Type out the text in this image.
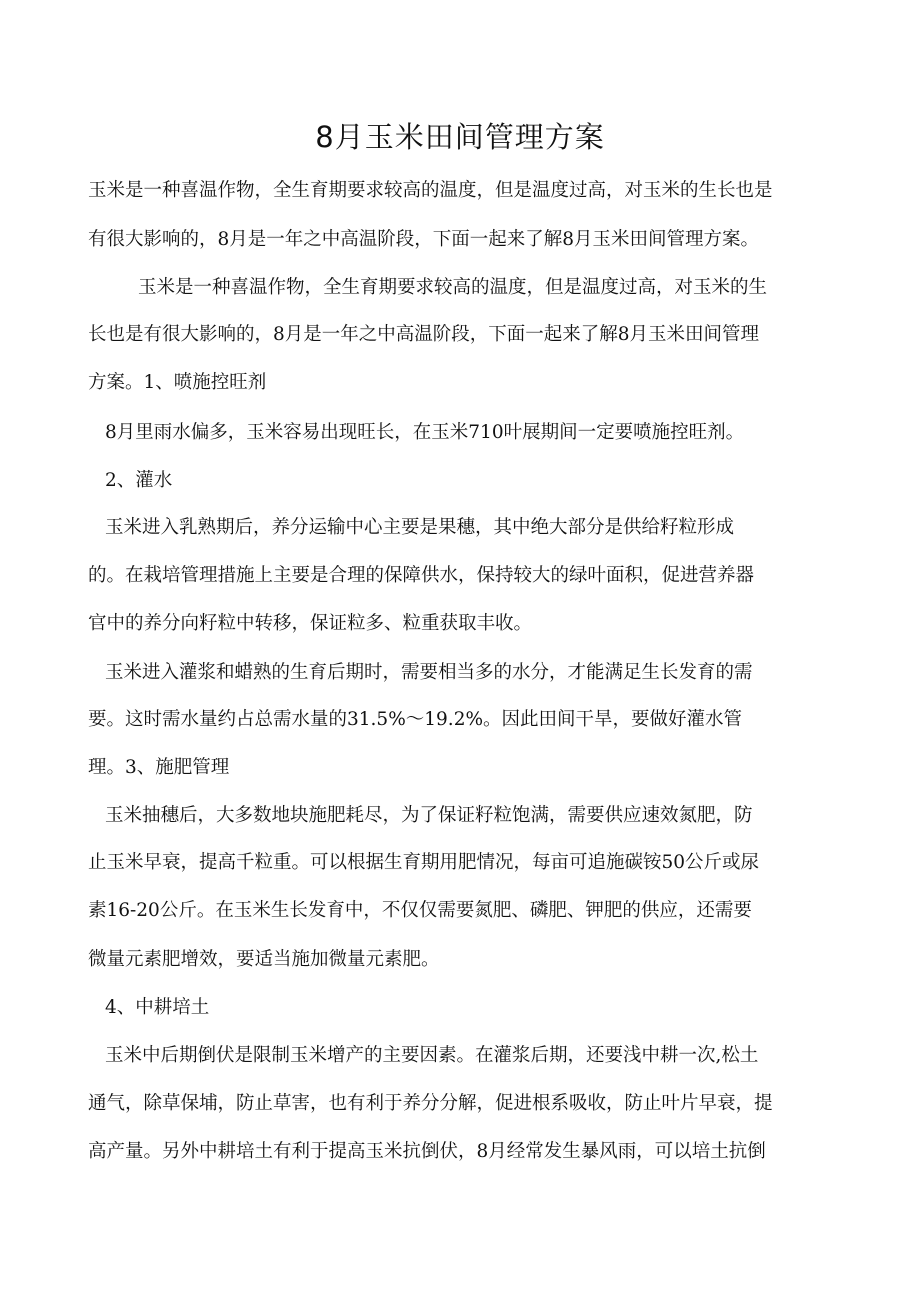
8月玉米田间管理方案

玉米是一种喜温作物，全生育期要求较高的温度，但是温度过高，对玉米的生长也是

有很大影响的，8月是一年之中高温阶段，下面一起来了解8月玉米田间管理方案。

玉米是一种喜温作物，全生育期要求较高的温度，但是温度过高，对玉米的生

长也是有很大影响的，8月是一年之中高温阶段，下面一起来了解8月玉米田间管理

方案。1、喷施控旺剂

8月里雨水偏多，玉米容易出现旺长，在玉米710叶展期间一定要喷施控旺剂。

2、灌水

玉米进入乳熟期后，养分运输中心主要是果穗，其中绝大部分是供给籽粒形成

的。在栽培管理措施上主要是合理的保障供水，保持较大的绿叶面积，促进营养器

官中的养分向籽粒中转移，保证粒多、粒重获取丰收。

玉米进入灌浆和蜡熟的生育后期时，需要相当多的水分，才能满足生长发育的需

要。这时需水量约占总需水量的31.5%～19.2%。因此田间干旱，要做好灌水管

理。3、施肥管理

玉米抽穗后，大多数地块施肥耗尽，为了保证籽粒饱满，需要供应速效氮肥，防

止玉米早衰，提高千粒重。可以根据生育期用肥情况，每亩可追施碳铵50公斤或尿

素16-20公斤。在玉米生长发育中，不仅仅需要氮肥、磷肥、钾肥的供应，还需要

微量元素肥增效，要适当施加微量元素肥。

4、中耕培土

玉米中后期倒伏是限制玉米增产的主要因素。在灌浆后期，还要浅中耕一次,松土

通气，除草保埔，防止草害，也有利于养分分解，促进根系吸收，防止叶片早衰，提

高产量。另外中耕培土有利于提高玉米抗倒伏，8月经常发生暴风雨，可以培土抗倒
